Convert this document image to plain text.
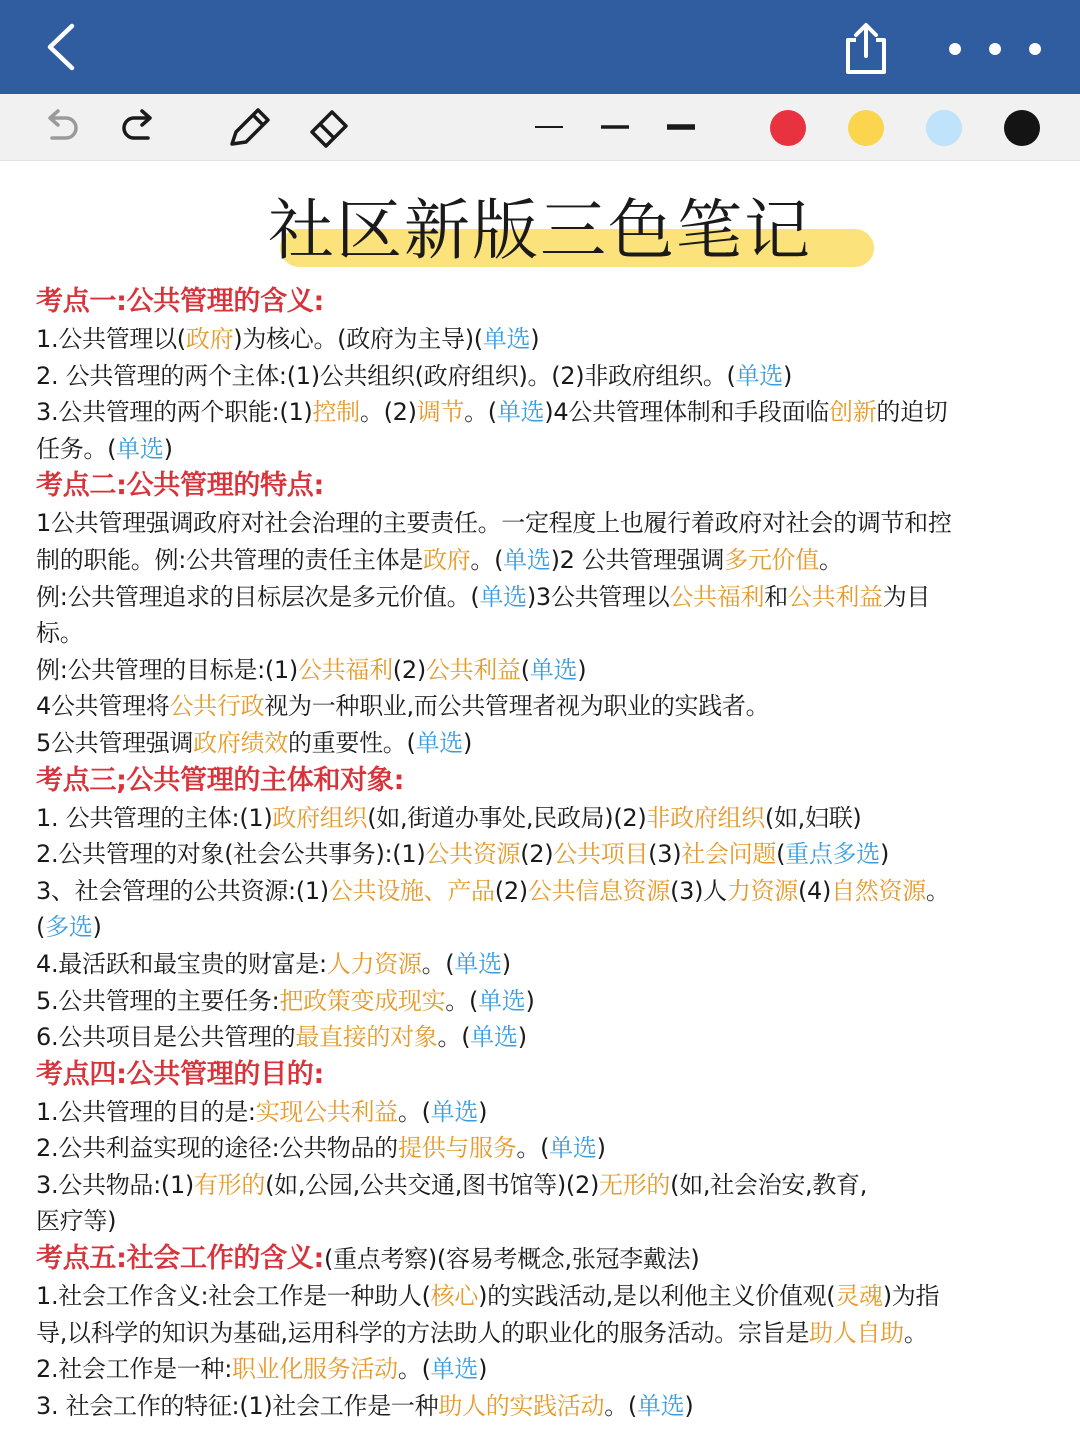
社区新版三色笔记
考点一:公共管理的含义:
1.公共管理以(政府)为核心。(政府为主导)(单选)
2. 公共管理的两个主体:(1)公共组织(政府组织)。(2)非政府组织。(单选)
3.公共管理的两个职能:(1)控制。(2)调节。(单选)4公共管理体制和手段面临创新的迫切
任务。(单选)
考点二:公共管理的特点:
1公共管理强调政府对社会治理的主要责任。一定程度上也履行着政府对社会的调节和控
制的职能。例:公共管理的责任主体是政府。(单选)2 公共管理强调多元价值。
例:公共管理追求的目标层次是多元价值。(单选)3公共管理以公共福利和公共利益为目
标。
例:公共管理的目标是:(1)公共福利(2)公共利益(单选)
4公共管理将公共行政视为一种职业,而公共管理者视为职业的实践者。
5公共管理强调政府绩效的重要性。(单选)
考点三;公共管理的主体和对象:
1. 公共管理的主体:(1)政府组织(如,街道办事处,民政局)(2)非政府组织(如,妇联)
2.公共管理的对象(社会公共事务):(1)公共资源(2)公共项目(3)社会问题(重点多选)
3、社会管理的公共资源:(1)公共设施、产品(2)公共信息资源(3)人力资源(4)自然资源。
(多选)
4.最活跃和最宝贵的财富是:人力资源。(单选)
5.公共管理的主要任务:把政策变成现实。(单选)
6.公共项目是公共管理的最直接的对象。(单选)
考点四:公共管理的目的:
1.公共管理的目的是:实现公共利益。(单选)
2.公共利益实现的途径:公共物品的提供与服务。(单选)
3.公共物品:(1)有形的(如,公园,公共交通,图书馆等)(2)无形的(如,社会治安,教育,
医疗等)
考点五:社会工作的含义:(重点考察)(容易考概念,张冠李戴法)
1.社会工作含义:社会工作是一种助人(核心)的实践活动,是以利他主义价值观(灵魂)为指
导,以科学的知识为基础,运用科学的方法助人的职业化的服务活动。宗旨是助人自助。
2.社会工作是一种:职业化服务活动。(单选)
3. 社会工作的特征:(1)社会工作是一种助人的实践活动。(单选)
